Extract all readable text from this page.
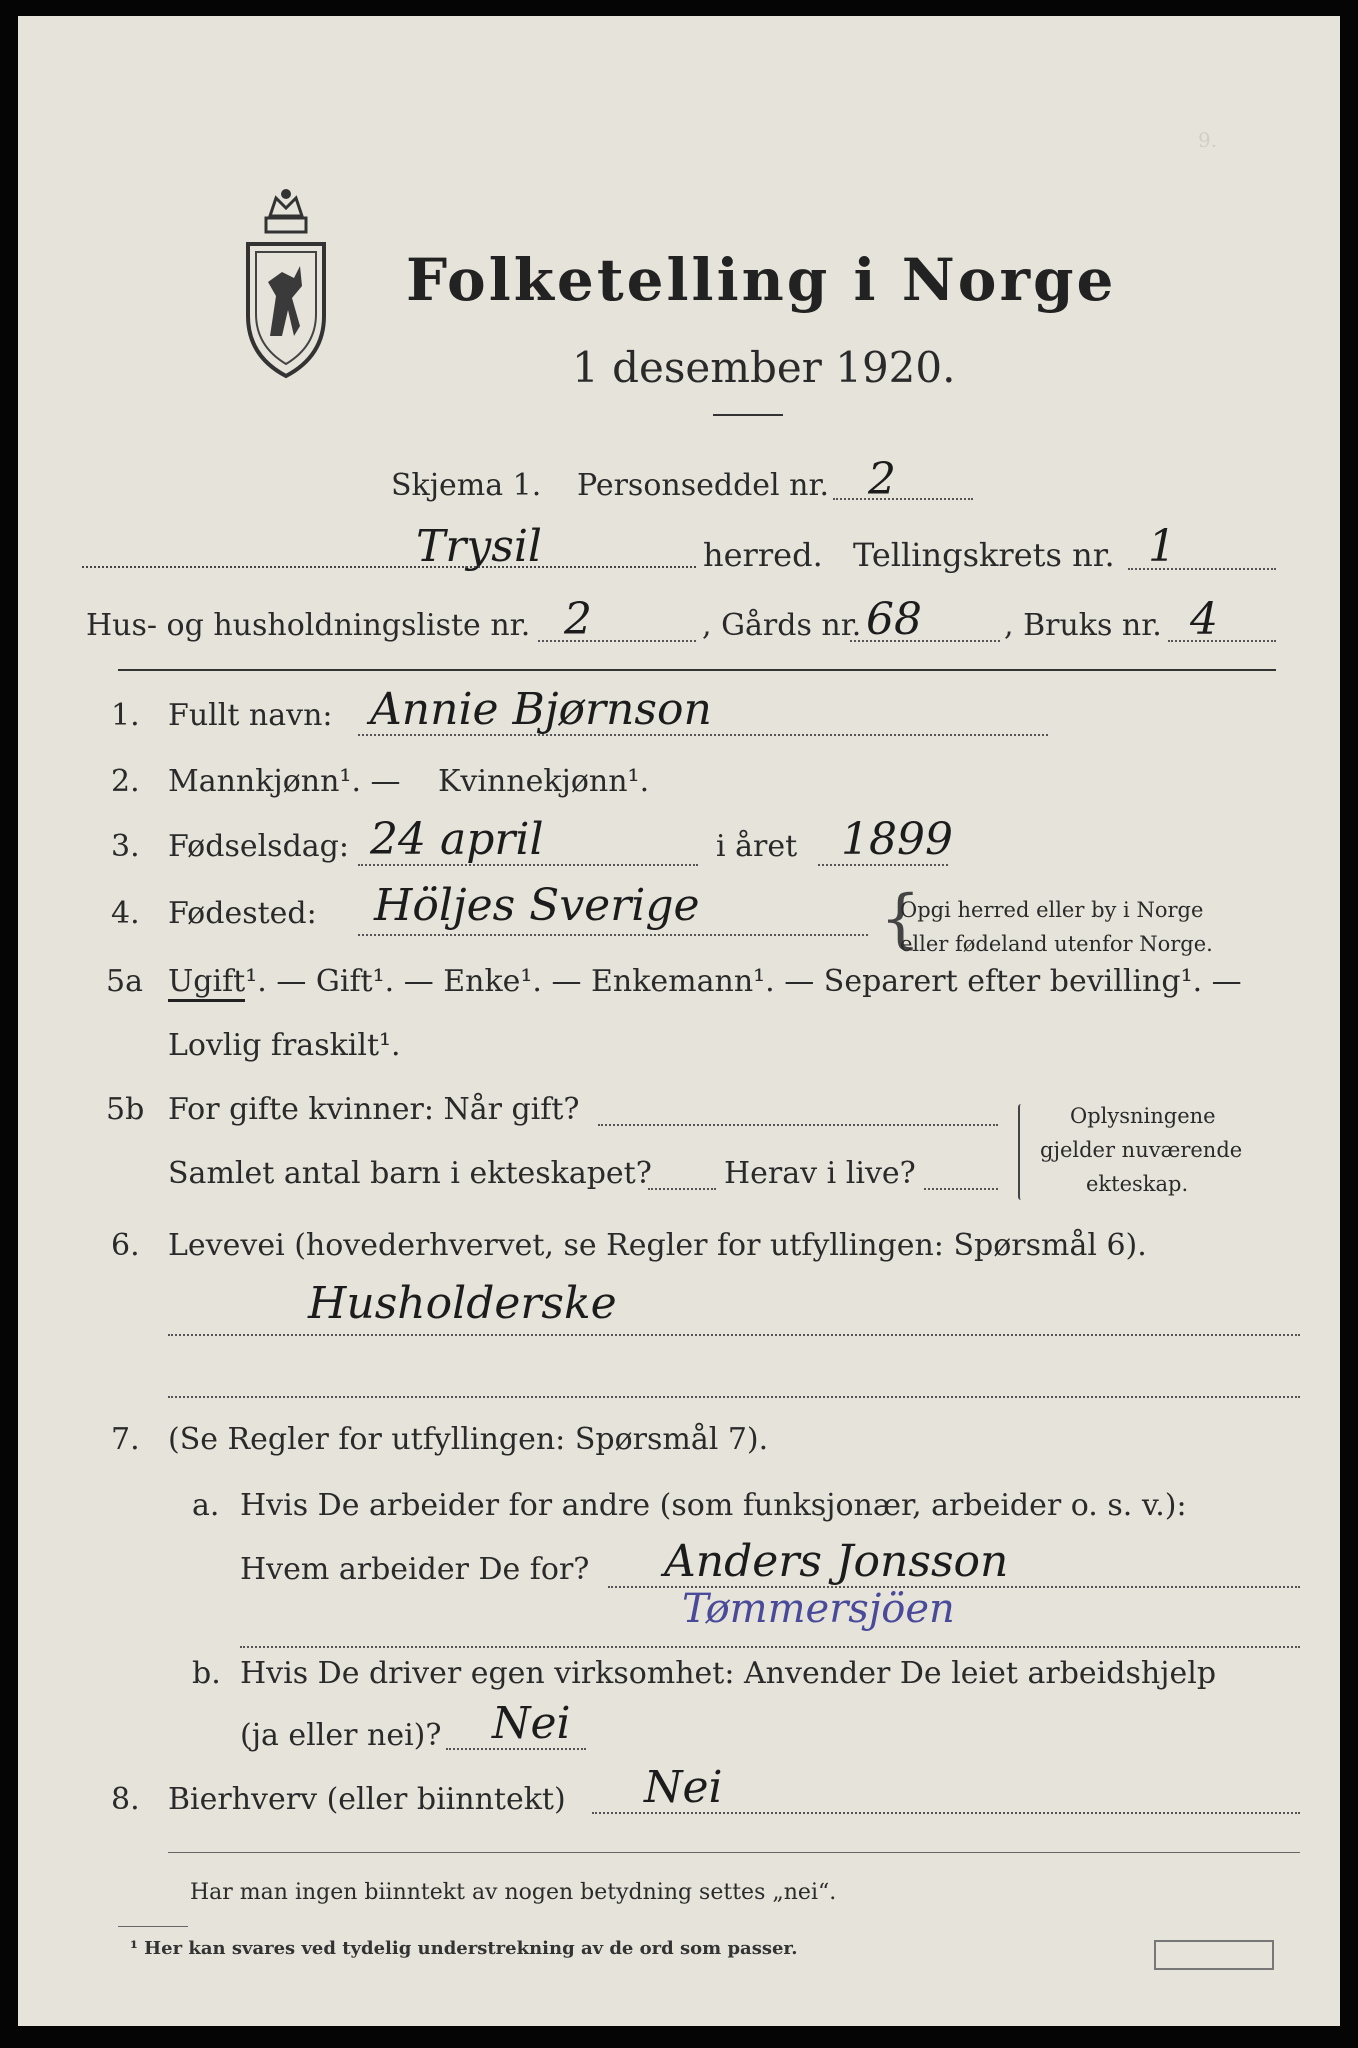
9.
Folketelling i Norge
1 desember 1920.
Skjema 1. Personseddel nr. 2
Trysil	herred. Tellingskrets nr. 1
Hus- og husholdningsliste nr. 2	, Gårds nr. 68	, Bruks nr. 4
1. Fullt navn: Annie Bjørnson
2. Mannkjønn¹. — Kvinnekjønn¹.
3. Fødselsdag: 24 april	i året 1899
4. Fødested: Höljes Sverige	{
Opgi herred eller by i Norge
eller fødeland utenfor Norge.
5a Ugift¹. — Gift¹. — Enke¹. — Enkemann¹. — Separert efter bevilling¹. —
Lovlig fraskilt¹.
5b For gifte kvinner: Når gift?
Samlet antal barn i ekteskapet? Herav i live?
Oplysningene
gjelder nuværende
ekteskap.
6. Levevei (hovederhvervet, se Regler for utfyllingen: Spørsmål 6).
Husholderske
7. (Se Regler for utfyllingen: Spørsmål 7).
a. Hvis De arbeider for andre (som funksjonær, arbeider o. s. v.):
Hvem arbeider De for? Anders Jonsson
Tømmersjöen
b. Hvis De driver egen virksomhet: Anvender De leiet arbeidshjelp
(ja eller nei)? Nei
8. Bierhverv (eller biinntekt) Nei
Har man ingen biinntekt av nogen betydning settes „nei“.
¹ Her kan svares ved tydelig understrekning av de ord som passer.
